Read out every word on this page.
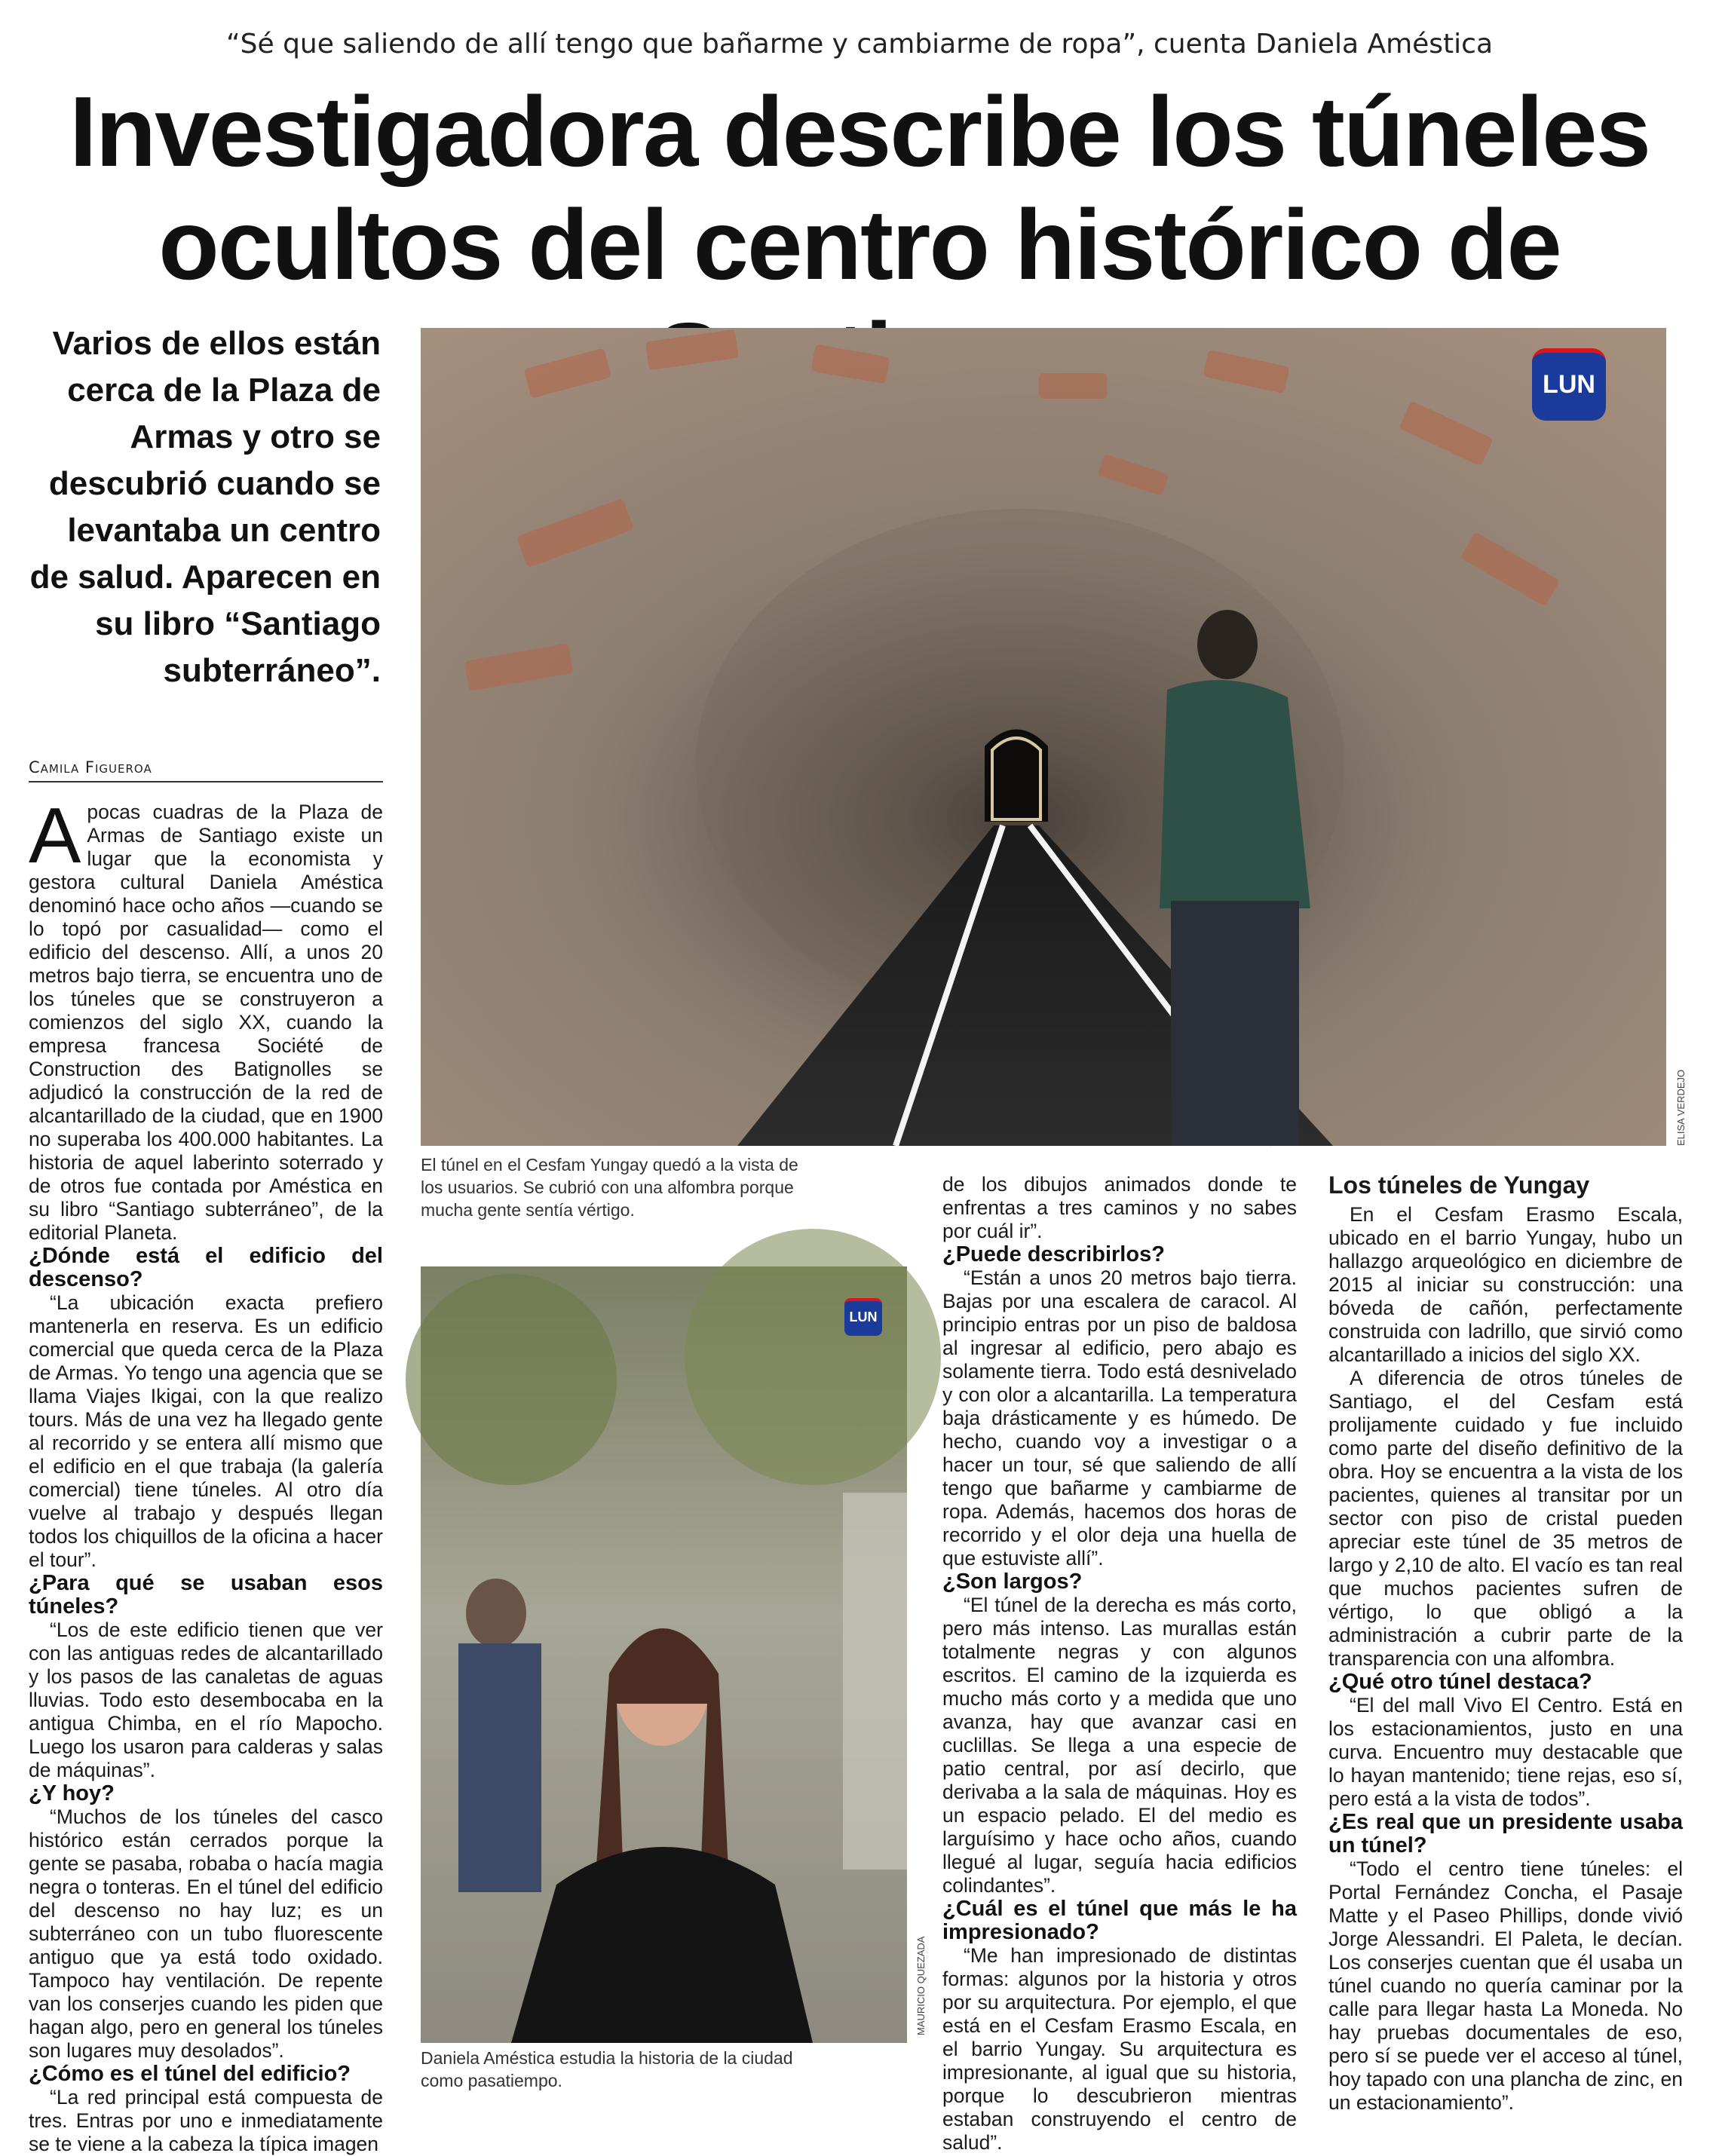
“Sé que saliendo de allí tengo que bañarme y cambiarme de ropa”, cuenta Daniela Améstica
Investigadora describe los túneles
ocultos del centro histórico de
Varios de ellos están cerca de la Plaza de Armas y otro se descubrió cuando se levantaba un centro de salud. Aparecen en su libro “Santiago subterráneo”.
Camila Figueroa

A pocas cuadras de la Plaza de Armas de Santiago existe un lugar que la economista y gestora cultural Daniela Améstica denominó hace ocho años —cuando se lo topó por casualidad— como el edificio del descenso. Allí, a unos 20 metros bajo tierra, se encuentra uno de los túneles que se construyeron a comienzos del siglo XX, cuando la empresa francesa Société de Construction des Batignolles se adjudicó la construcción de la red de alcantarillado de la ciudad, que en 1900 no superaba los 400.000 habitantes. La historia de aquel laberinto soterrado y de otros fue contada por Améstica en su libro “Santiago subterráneo”, de la editorial Planeta.

¿Dónde está el edificio del descenso?

“La ubicación exacta prefiero mantenerla en reserva. Es un edificio comercial que queda cerca de la Plaza de Armas. Yo tengo una agencia que se llama Viajes Ikigai, con la que realizo tours. Más de una vez ha llegado gente al recorrido y se entera allí mismo que el edificio en el que trabaja (la galería comercial) tiene túneles. Al otro día vuelve al trabajo y después llegan todos los chiquillos de la oficina a hacer el tour”.

¿Para qué se usaban esos túneles?

“Los de este edificio tienen que ver con las antiguas redes de alcantarillado y los pasos de las canaletas de aguas lluvias. Todo esto desembocaba en la antigua Chimba, en el río Mapocho. Luego los usaron para calderas y salas de máquinas”.

¿Y hoy?

“Muchos de los túneles del casco histórico están cerrados porque la gente se pasaba, robaba o hacía magia negra o tonteras. En el túnel del edificio del descenso no hay luz; es un subterráneo con un tubo fluorescente antiguo que ya está todo oxidado. Tampoco hay ventilación. De repente van los conserjes cuando les piden que hagan algo, pero en general los túneles son lugares muy desolados”.

¿Cómo es el túnel del edificio?

“La red principal está compuesta de tres. Entras por uno e inmediatamente se te viene a la cabeza la típica imagen

LUN
ELISA VERDEJO
El túnel en el Cesfam Yungay quedó a la vista de los usuarios. Se cubrió con una alfombra porque mucha gente sentía vértigo.
LUN
MAURICIO QUEZADA
Daniela Améstica estudia la historia de la ciudad como pasatiempo.

de los dibujos animados donde te enfrentas a tres caminos y no sabes por cuál ir”.

¿Puede describirlos?

“Están a unos 20 metros bajo tierra. Bajas por una escalera de caracol. Al principio entras por un piso de baldosa al ingresar al edificio, pero abajo es solamente tierra. Todo está desnivelado y con olor a alcantarilla. La temperatura baja drásticamente y es húmedo. De hecho, cuando voy a investigar o a hacer un tour, sé que saliendo de allí tengo que bañarme y cambiarme de ropa. Además, hacemos dos horas de recorrido y el olor deja una huella de que estuviste allí”.

¿Son largos?

“El túnel de la derecha es más corto, pero más intenso. Las murallas están totalmente negras y con algunos escritos. El camino de la izquierda es mucho más corto y a medida que uno avanza, hay que avanzar casi en cuclillas. Se llega a una especie de patio central, por así decirlo, que derivaba a la sala de máquinas. Hoy es un espacio pelado. El del medio es larguísimo y hace ocho años, cuando llegué al lugar, seguía hacia edificios colindantes”.

¿Cuál es el túnel que más le ha impresionado?

“Me han impresionado de distintas formas: algunos por la historia y otros por su arquitectura. Por ejemplo, el que está en el Cesfam Erasmo Escala, en el barrio Yungay. Su arquitectura es impresionante, al igual que su historia, porque lo descubrieron mientras estaban construyendo el centro de salud”.

Los túneles de Yungay

En el Cesfam Erasmo Escala, ubicado en el barrio Yungay, hubo un hallazgo arqueológico en diciembre de 2015 al iniciar su construcción: una bóveda de cañón, perfectamente construida con ladrillo, que sirvió como alcantarillado a inicios del siglo XX.

A diferencia de otros túneles de Santiago, el del Cesfam está prolijamente cuidado y fue incluido como parte del diseño definitivo de la obra. Hoy se encuentra a la vista de los pacientes, quienes al transitar por un sector con piso de cristal pueden apreciar este túnel de 35 metros de largo y 2,10 de alto. El vacío es tan real que muchos pacientes sufren de vértigo, lo que obligó a la administración a cubrir parte de la transparencia con una alfombra.

¿Qué otro túnel destaca?

“El del mall Vivo El Centro. Está en los estacionamientos, justo en una curva. Encuentro muy destacable que lo hayan mantenido; tiene rejas, eso sí, pero está a la vista de todos”.

¿Es real que un presidente usaba un túnel?

“Todo el centro tiene túneles: el Portal Fernández Concha, el Pasaje Matte y el Paseo Phillips, donde vivió Jorge Alessandri. El Paleta, le decían. Los conserjes cuentan que él usaba un túnel cuando no quería caminar por la calle para llegar hasta La Moneda. No hay pruebas documentales de eso, pero sí se puede ver el acceso al túnel, hoy tapado con una plancha de zinc, en un estacionamiento”.
